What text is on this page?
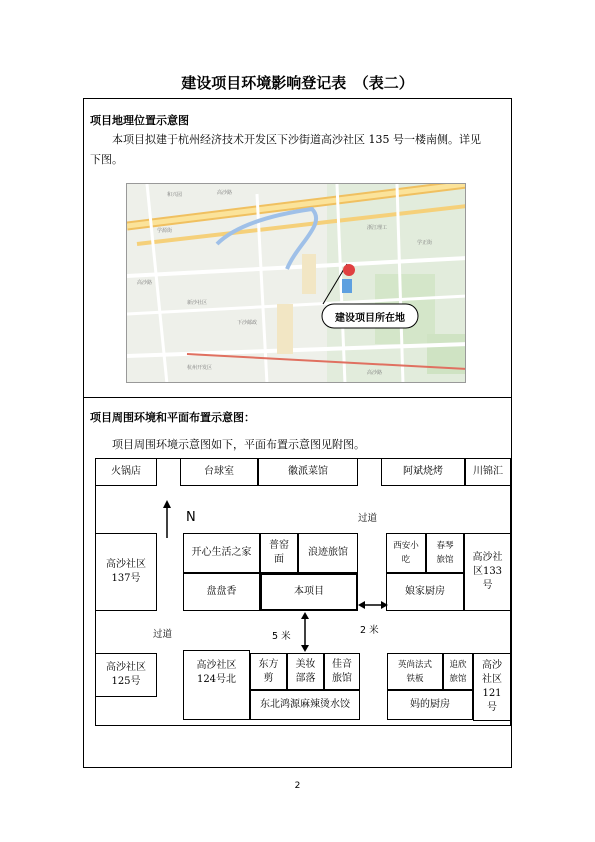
建设项目环境影响登记表　（表二）
项目地理位置示意图
本项目拟建于杭州经济技术开发区下沙街道高沙社区 135 号一楼南侧。详见
下图。
和兴园	高沙路
学源街
高沙路
新沙社区
下沙邮政
浙江理工
学正街
杭州开发区
高沙路
建设项目所在地
项目周围环境和平面布置示意图：
项目周围环境示意图如下，平面布置示意图见附图。
火锅店	台球室	徽派菜馆	阿斌烧烤	川锦汇
N	过道
高沙社区137号
开心生活之家
普窑面
浪迹旅馆
西安小吃
春琴旅馆	高沙社区133号
盘盘香	本项目	娘家厨房
过道	5 米
2 米
高沙社区125号
高沙社区124号北
东方剪
美妆部落
佳音旅馆
英尚法式铁板
追欣旅馆
高沙社区121号
东北鸿源麻辣烫水饺	妈的厨房
2
